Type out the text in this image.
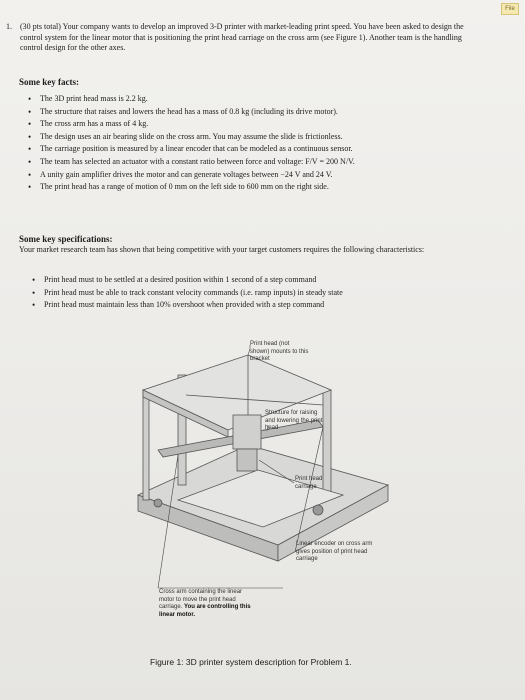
File
1. (30 pts total) Your company wants to develop an improved 3-D printer with market-leading print speed. You have been asked to design the control system for the linear motor that is positioning the print head carriage on the cross arm (see Figure 1). Another team is the handling control design for the other axes.
Some key facts:
• The 3D print head mass is 2.2 kg.
• The structure that raises and lowers the head has a mass of 0.8 kg (including its drive motor).
• The cross arm has a mass of 4 kg.
• The design uses an air bearing slide on the cross arm. You may assume the slide is frictionless.
• The carriage position is measured by a linear encoder that can be modeled as a continuous sensor.
• The team has selected an actuator with a constant ratio between force and voltage: F/V = 200 N/V.
• A unity gain amplifier drives the motor and can generate voltages between −24 V and 24 V.
• The print head has a range of motion of 0 mm on the left side to 600 mm on the right side.
Some key specifications:
Your market research team has shown that being competitive with your target customers requires the following characteristics:
• Print head must to be settled at a desired position within 1 second of a step command
• Print head must be able to track constant velocity commands (i.e. ramp inputs) in steady state
• Print head must maintain less than 10% overshoot when provided with a step command
Print head (not shown) mounts to this bracket
Structure for raising and lowering the print head
Print head carriage
Linear encoder on cross arm gives position of print head carriage
Cross arm containing the linear motor to move the print head carriage. You are controlling this linear motor.
Figure 1: 3D printer system description for Problem 1.
